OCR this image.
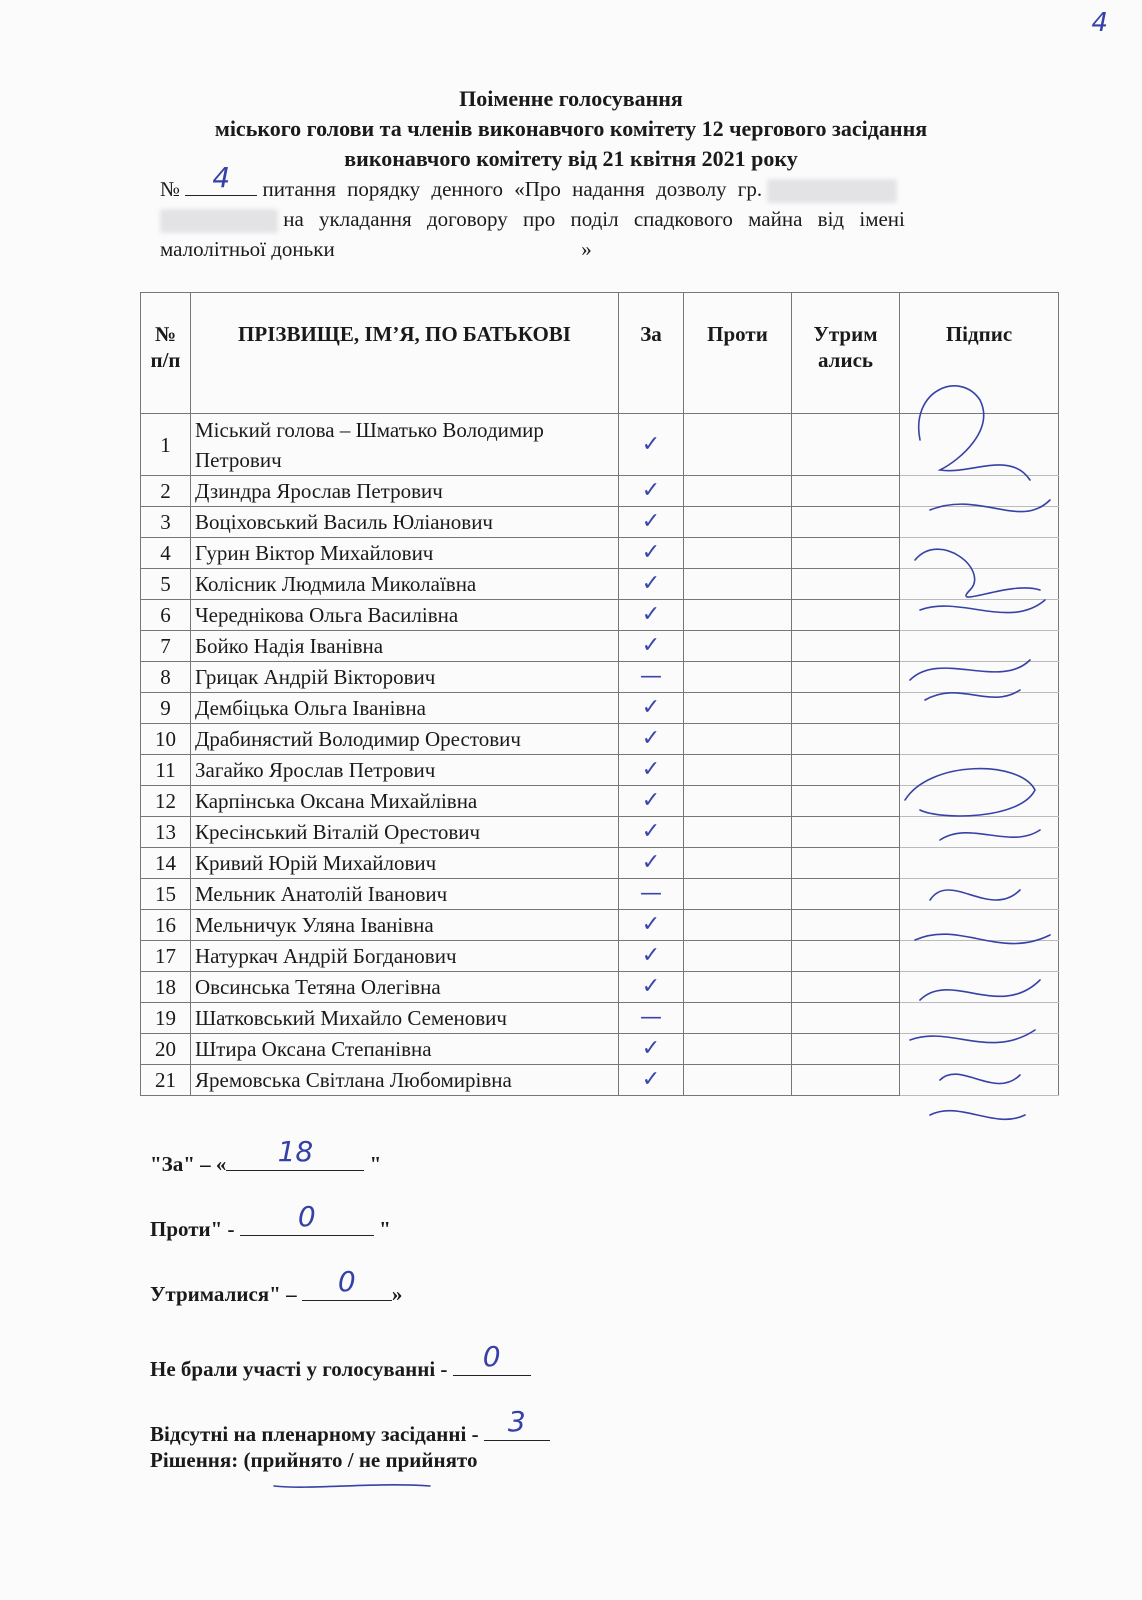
4
Поіменне голосування
міського голови та членів виконавчого комітету 12 чергового засідання
виконавчого комітету від 21 квітня 2021 року
№	4	питання порядку денного «Про надання дозволу гр.
на укладання договору про поділ спадкового майна від імені
малолітньої доньки	»
№ п/п	ПРІЗВИЩЕ, ІМ’Я, ПО БАТЬКОВІ	За	Проти	Утрим ались	Підпис
1	Міський голова – Шматько Володимир Петрович	✓			
2	Дзиндра Ярослав Петрович	✓			
3	Воціховський Василь Юліанович	✓			
4	Гурин Віктор Михайлович	✓			
5	Колісник Людмила Миколаївна	✓			
6	Череднікова Ольга Василівна	✓			
7	Бойко Надія Іванівна	✓			
8	Грицак Андрій Вікторович	—			
9	Дембіцька Ольга Іванівна	✓			
10	Драбинястий Володимир Орестович	✓			
11	Загайко Ярослав Петрович	✓			
12	Карпінська Оксана Михайлівна	✓			
13	Кресінський Віталій Орестович	✓			
14	Кривий Юрій Михайлович	✓			
15	Мельник Анатолій Іванович	—			
16	Мельничук Уляна Іванівна	✓			
17	Натуркач Андрій Богданович	✓			
18	Овсинська Тетяна Олегівна	✓			
19	Шатковський Михайло Семенович	—			
20	Штира Оксана Степанівна	✓			
21	Яремовська Світлана Любомирівна	✓			
"За" – «	18	"
Проти" -	0	"
Утрималися" –	0	»
Не брали участі у голосуванні -	0
Відсутні на пленарному засіданні -	3
Рішення: (прийнято / не прийнято
